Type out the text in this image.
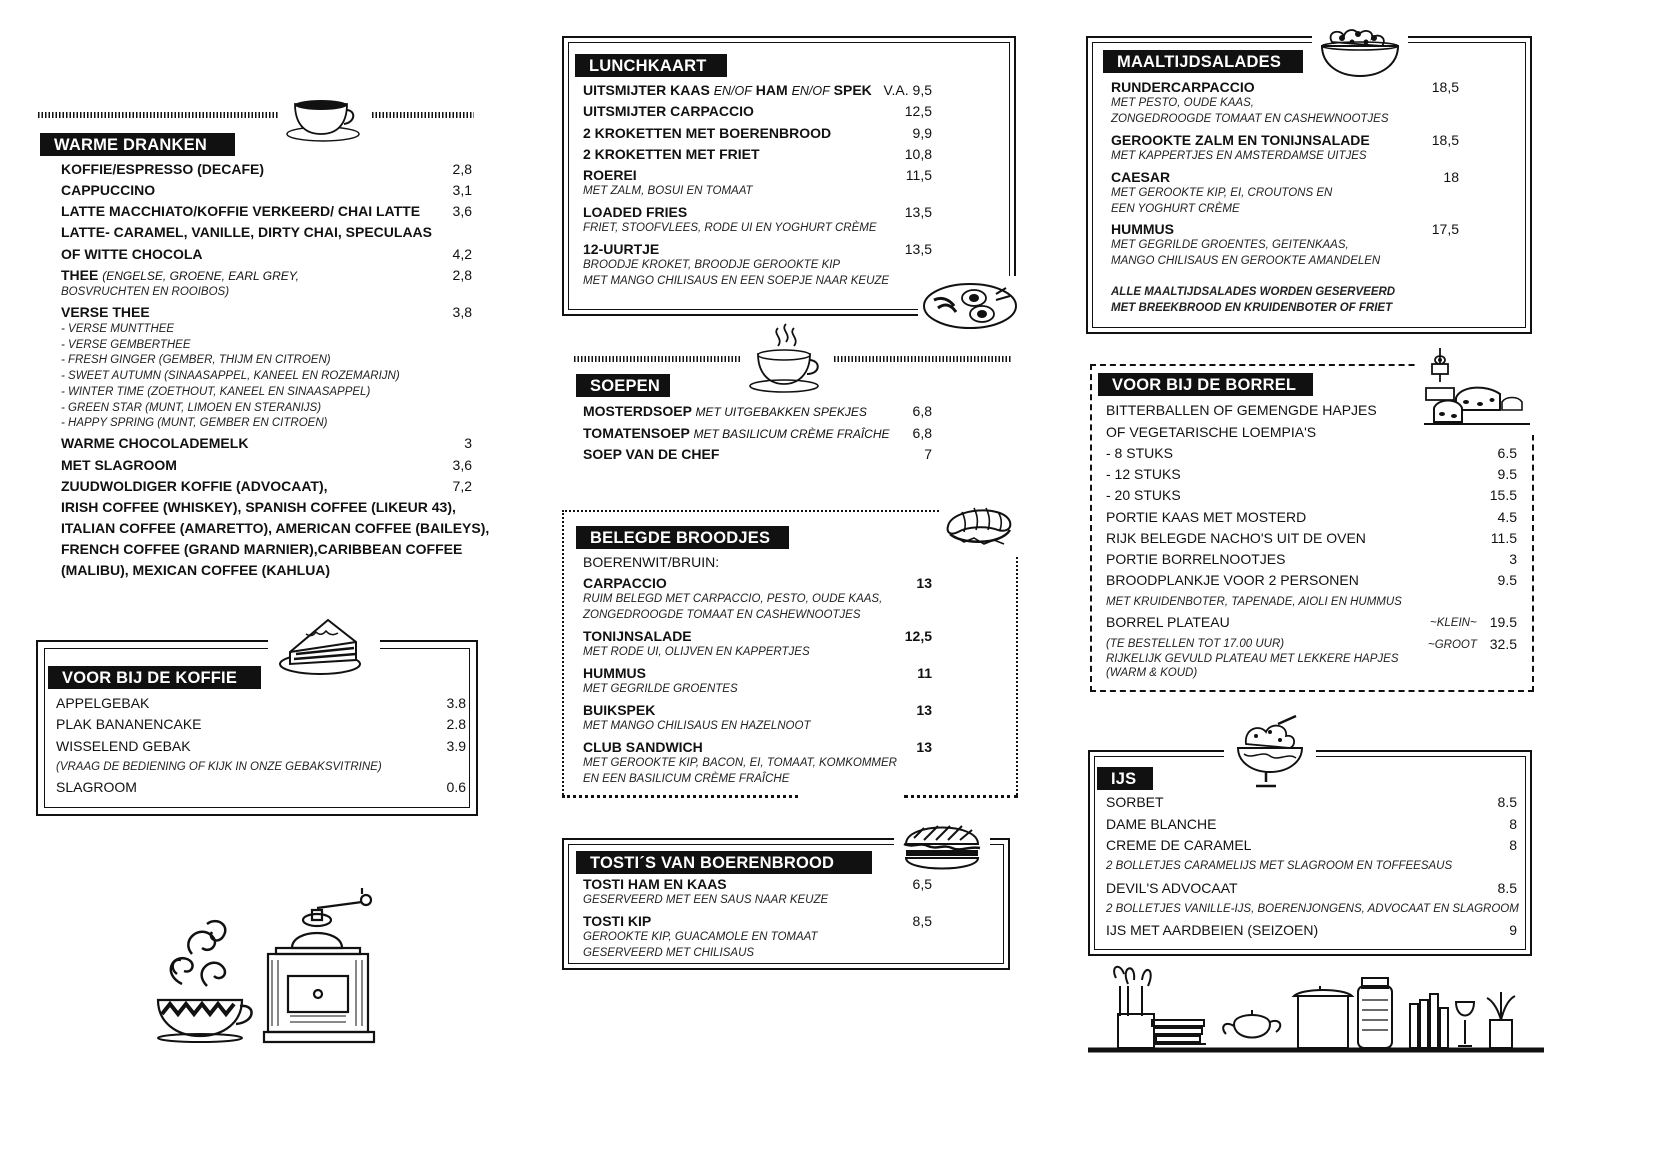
WARME DRANKEN
KOFFIE/ESPRESSO (DECAFE)	2,8
CAPPUCCINO	3,1
LATTE MACCHIATO/KOFFIE VERKEERD/ CHAI LATTE	3,6
LATTE- CARAMEL, VANILLE, DIRTY CHAI, SPECULAAS
OF WITTE CHOCOLA	4,2
THEE (ENGELSE, GROENE, EARL GREY,	2,8
BOSVRUCHTEN EN ROOIBOS)
VERSE THEE	3,8
- VERSE MUNTTHEE
- VERSE GEMBERTHEE
- FRESH GINGER (GEMBER, THIJM EN CITROEN)
- SWEET AUTUMN (SINAASAPPEL, KANEEL EN ROZEMARIJN)
- WINTER TIME (ZOETHOUT, KANEEL EN SINAASAPPEL)
- GREEN STAR (MUNT, LIMOEN EN STERANIJS)
- HAPPY SPRING (MUNT, GEMBER EN CITROEN)
WARME CHOCOLADEMELK	3
MET SLAGROOM	3,6
ZUUDWOLDIGER KOFFIE (ADVOCAAT),	7,2
IRISH COFFEE (WHISKEY), SPANISH COFFEE (LIKEUR 43),
ITALIAN COFFEE (AMARETTO), AMERICAN COFFEE (BAILEYS),
FRENCH COFFEE (GRAND MARNIER),CARIBBEAN COFFEE
(MALIBU), MEXICAN COFFEE (KAHLUA)
VOOR BIJ DE KOFFIE
APPELGEBAK	3.8
PLAK BANANENCAKE	2.8
WISSELEND GEBAK	3.9
(VRAAG DE BEDIENING OF KIJK IN ONZE GEBAKSVITRINE)
SLAGROOM	0.6
LUNCHKAART
UITSMIJTER KAAS EN/OF HAM EN/OF SPEK V.A. 9,5
UITSMIJTER CARPACCIO	12,5
2 KROKETTEN MET BOERENBROOD	9,9
2 KROKETTEN MET FRIET	10,8
ROEREI	11,5
MET ZALM, BOSUI EN TOMAAT
LOADED FRIES	13,5
FRIET, STOOFVLEES, RODE UI EN YOGHURT CRÈME
12-UURTJE	13,5
BROODJE KROKET, BROODJE GEROOKTE KIP
MET MANGO CHILISAUS EN EEN SOEPJE NAAR KEUZE
SOEPEN
MOSTERDSOEP MET UITGEBAKKEN SPEKJES	6,8
TOMATENSOEP MET BASILICUM CRÈME FRAÎCHE	6,8
SOEP VAN DE CHEF	7
BELEGDE BROODJES
BOERENWIT/BRUIN:
CARPACCIO	13
RUIM BELEGD MET CARPACCIO, PESTO, OUDE KAAS,
ZONGEDROOGDE TOMAAT EN CASHEWNOOTJES
TONIJNSALADE	12,5
MET RODE UI, OLIJVEN EN KAPPERTJES
HUMMUS	11
MET GEGRILDE GROENTES
BUIKSPEK	13
MET MANGO CHILISAUS EN HAZELNOOT
CLUB SANDWICH	13
MET GEROOKTE KIP, BACON, EI, TOMAAT, KOMKOMMER
EN EEN BASILICUM CRÈME FRAÎCHE
TOSTI´S VAN BOERENBROOD
TOSTI HAM EN KAAS	6,5
GESERVEERD MET EEN SAUS NAAR KEUZE
TOSTI KIP	8,5
GEROOKTE KIP, GUACAMOLE EN TOMAAT
GESERVEERD MET CHILISAUS
MAALTIJDSALADES
RUNDERCARPACCIO	18,5
MET PESTO, OUDE KAAS,
ZONGEDROOGDE TOMAAT EN CASHEWNOOTJES
GEROOKTE ZALM EN TONIJNSALADE	18,5
MET KAPPERTJES EN AMSTERDAMSE UITJES
CAESAR	18
MET GEROOKTE KIP, EI, CROUTONS EN
EEN YOGHURT CRÈME
HUMMUS	17,5
MET GEGRILDE GROENTES, GEITENKAAS,
MANGO CHILISAUS EN GEROOKTE AMANDELEN
ALLE MAALTIJDSALADES WORDEN GESERVEERD
MET BREEKBROOD EN KRUIDENBOTER OF FRIET
VOOR BIJ DE BORREL
BITTERBALLEN OF GEMENGDE HAPJES
OF VEGETARISCHE LOEMPIA'S
- 8 STUKS	6.5
- 12 STUKS	9.5
- 20 STUKS	15.5
PORTIE KAAS MET MOSTERD	4.5
RIJK BELEGDE NACHO'S UIT DE OVEN	11.5
PORTIE BORRELNOOTJES	3
BROODPLANKJE VOOR 2 PERSONEN	9.5
MET KRUIDENBOTER, TAPENADE, AIOLI EN HUMMUS
BORREL PLATEAU	~KLEIN~ 19.5
~GROOT 32.5
(TE BESTELLEN TOT 17.00 UUR)
RIJKELIJK GEVULD PLATEAU MET LEKKERE HAPJES
(WARM & KOUD)
IJS
SORBET	8.5
DAME BLANCHE	8
CREME DE CARAMEL	8
2 BOLLETJES CARAMELIJS MET SLAGROOM EN TOFFEESAUS
DEVIL'S ADVOCAAT	8.5
2 BOLLETJES VANILLE-IJS, BOERENJONGENS, ADVOCAAT EN SLAGROOM
IJS MET AARDBEIEN (SEIZOEN)	9
